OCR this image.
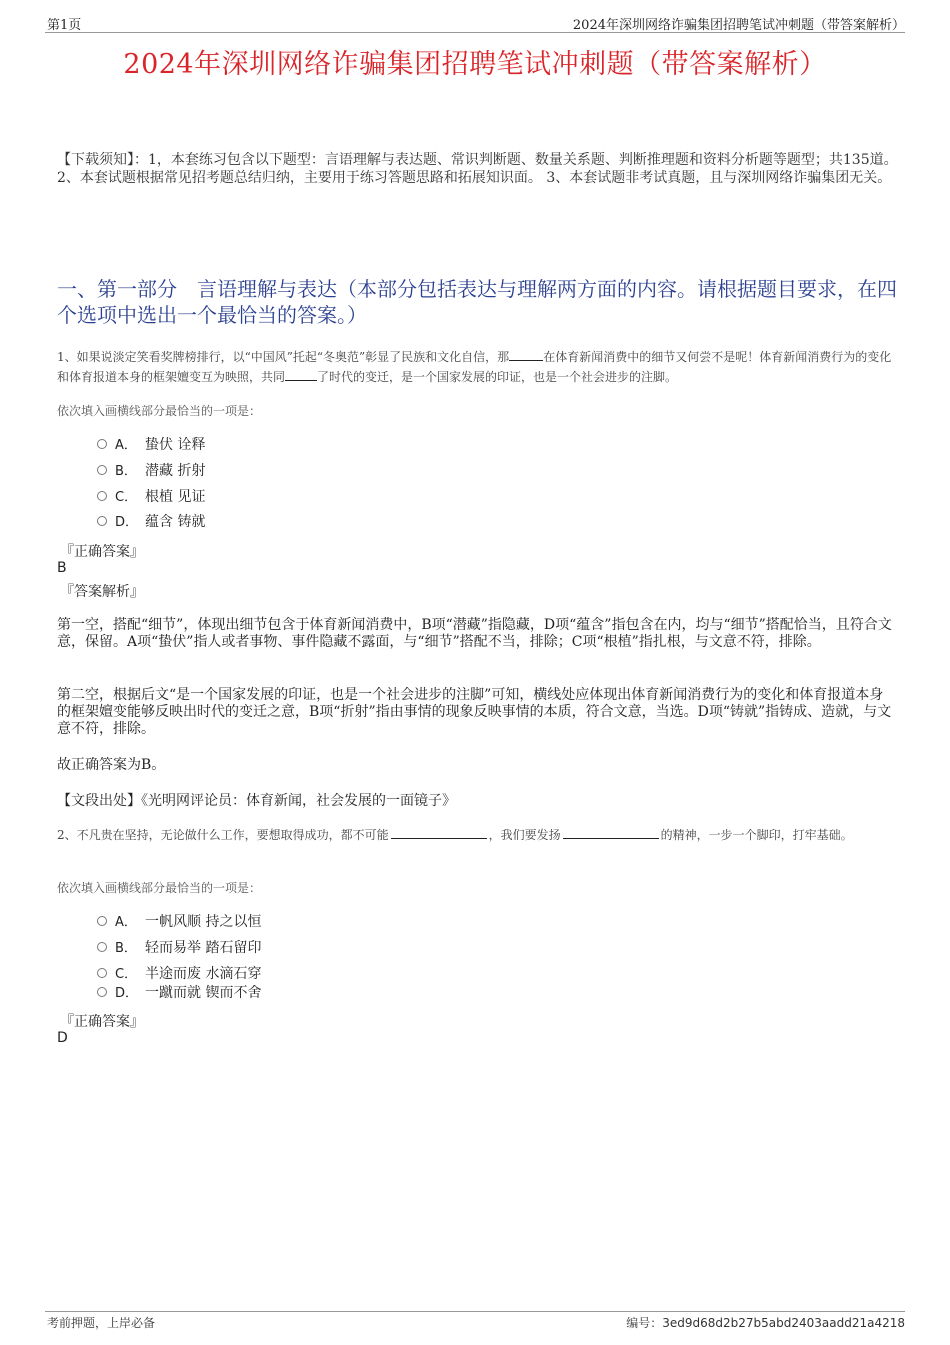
第1页	2024年深圳网络诈骗集团招聘笔试冲刺题（带答案解析）
2024年深圳网络诈骗集团招聘笔试冲刺题（带答案解析）
【下载须知】：1，本套练习包含以下题型：言语理解与表达题、常识判断题、数量关系题、判断推理题和资料分析题等题型；共135道。 2、本套试题根据常见招考题总结归纳，主要用于练习答题思路和拓展知识面。 3、本套试题非考试真题，且与深圳网络诈骗集团无关。
一、第一部分　言语理解与表达（本部分包括表达与理解两方面的内容。请根据题目要求，在四个选项中选出一个最恰当的答案。）
1、如果说淡定笑看奖牌榜排行，以“中国风”托起“冬奥范”彰显了民族和文化自信，那	在体育新闻消费中的细节又何尝不是呢！体育新闻消费行为的变化和体育报道本身的框架嬗变互为映照，共同	了时代的变迁，是一个国家发展的印证，也是一个社会进步的注脚。
依次填入画横线部分最恰当的一项是：
A． 蛰伏 诠释
B． 潜藏 折射
C． 根植 见证
D． 蕴含 铸就
『正确答案』
B
『答案解析』
第一空，搭配“细节”，体现出细节包含于体育新闻消费中，B项“潜藏”指隐藏，D项“蕴含”指包含在内，均与“细节”搭配恰当，且符合文意，保留。A项“蛰伏”指人或者事物、事件隐藏不露面，与“细节”搭配不当，排除；C项“根植”指扎根，与文意不符，排除。
第二空，根据后文“是一个国家发展的印证，也是一个社会进步的注脚”可知，横线处应体现出体育新闻消费行为的变化和体育报道本身的框架嬗变能够反映出时代的变迁之意，B项“折射”指由事情的现象反映事情的本质，符合文意，当选。D项“铸就”指铸成、造就，与文意不符，排除。
故正确答案为B。
【文段出处】《光明网评论员：体育新闻，社会发展的一面镜子》
2、不凡贵在坚持，无论做什么工作，要想取得成功，都不可能	，我们要发扬	的精神，一步一个脚印，打牢基础。
依次填入画横线部分最恰当的一项是：
A． 一帆风顺 持之以恒
B． 轻而易举 踏石留印
C． 半途而废 水滴石穿
D． 一蹴而就 锲而不舍
『正确答案』
D
考前押题，上岸必备	编号：3ed9d68d2b27b5abd2403aadd21a4218
